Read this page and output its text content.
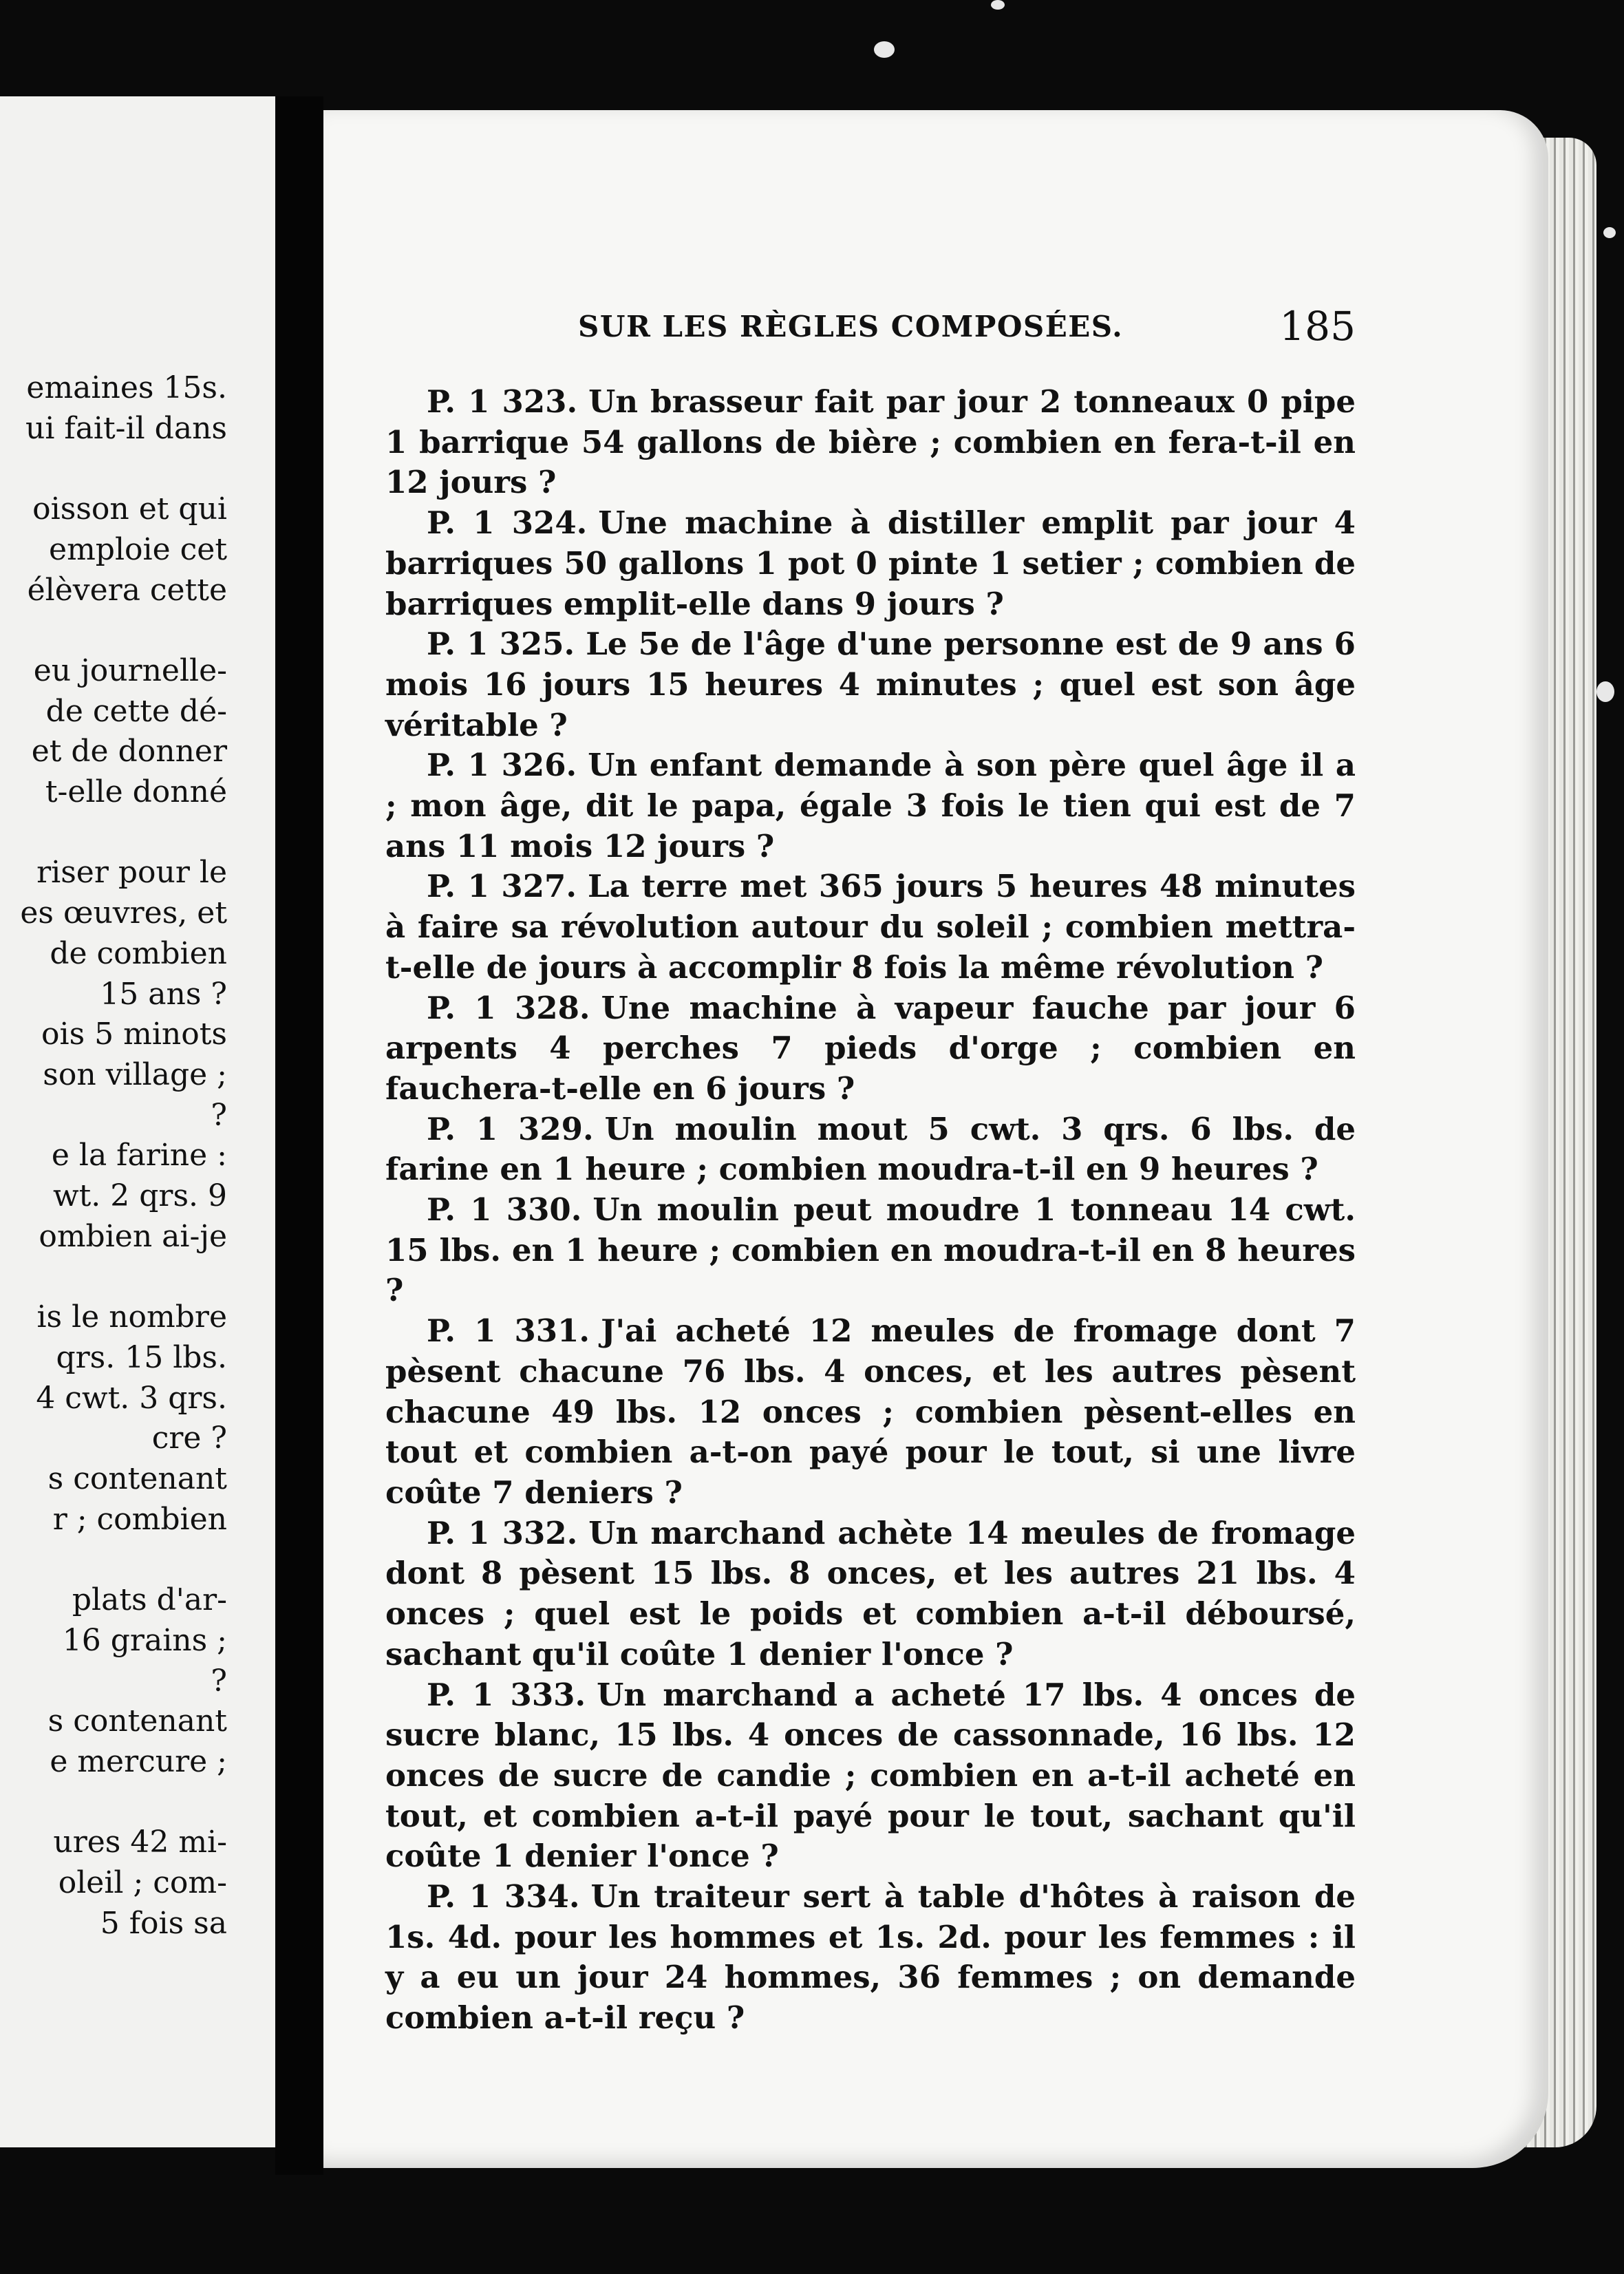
emaines 15s.
ui fait-il dans

oisson et qui
emploie cet
élèvera cette

eu journelle-
de cette dé-
et de donner
t-elle donné

riser pour le
es œuvres, et
de combien
15 ans ?
ois 5 minots
son village ;
?
e la farine :
wt. 2 qrs. 9
ombien ai-je

is le nombre
qrs. 15 lbs.
4 cwt. 3 qrs.
cre ?
s contenant
r ; combien

plats d'ar-
16 grains ;
?
s contenant
e mercure ;

ures 42 mi-
oleil ; com-
5 fois sa
SUR LES RÈGLES COMPOSÉES.	185

P. 1 323. Un brasseur fait par jour 2 tonneaux 0 pipe 1 barrique 54 gallons de bière ; combien en fera-t-il en 12 jours ?

P. 1 324. Une machine à distiller emplit par jour 4 barriques 50 gallons 1 pot 0 pinte 1 setier ; combien de barriques emplit-elle dans 9 jours ?

P. 1 325. Le 5e de l'âge d'une personne est de 9 ans 6 mois 16 jours 15 heures 4 minutes ; quel est son âge véritable ?

P. 1 326. Un enfant demande à son père quel âge il a ; mon âge, dit le papa, égale 3 fois le tien qui est de 7 ans 11 mois 12 jours ?

P. 1 327. La terre met 365 jours 5 heures 48 minutes à faire sa révolution autour du soleil ; combien mettra-t-elle de jours à accomplir 8 fois la même révolution ?

P. 1 328. Une machine à vapeur fauche par jour 6 arpents 4 perches 7 pieds d'orge ; combien en fauchera-t-elle en 6 jours ?

P. 1 329. Un moulin mout 5 cwt. 3 qrs. 6 lbs. de farine en 1 heure ; combien moudra-t-il en 9 heures ?

P. 1 330. Un moulin peut moudre 1 tonneau 14 cwt. 15 lbs. en 1 heure ; combien en moudra-t-il en 8 heures ?

P. 1 331. J'ai acheté 12 meules de fromage dont 7 pèsent chacune 76 lbs. 4 onces, et les autres pèsent chacune 49 lbs. 12 onces ; combien pèsent-elles en tout et combien a-t-on payé pour le tout, si une livre coûte 7 deniers ?

P. 1 332. Un marchand achète 14 meules de fromage dont 8 pèsent 15 lbs. 8 onces, et les autres 21 lbs. 4 onces ; quel est le poids et combien a-t-il déboursé, sachant qu'il coûte 1 denier l'once ?

P. 1 333. Un marchand a acheté 17 lbs. 4 onces de sucre blanc, 15 lbs. 4 onces de cassonnade, 16 lbs. 12 onces de sucre de candie ; combien en a-t-il acheté en tout, et combien a-t-il payé pour le tout, sachant qu'il coûte 1 denier l'once ?

P. 1 334. Un traiteur sert à table d'hôtes à raison de 1s. 4d. pour les hommes et 1s. 2d. pour les femmes : il y a eu un jour 24 hommes, 36 femmes ; on demande combien a-t-il reçu ?
